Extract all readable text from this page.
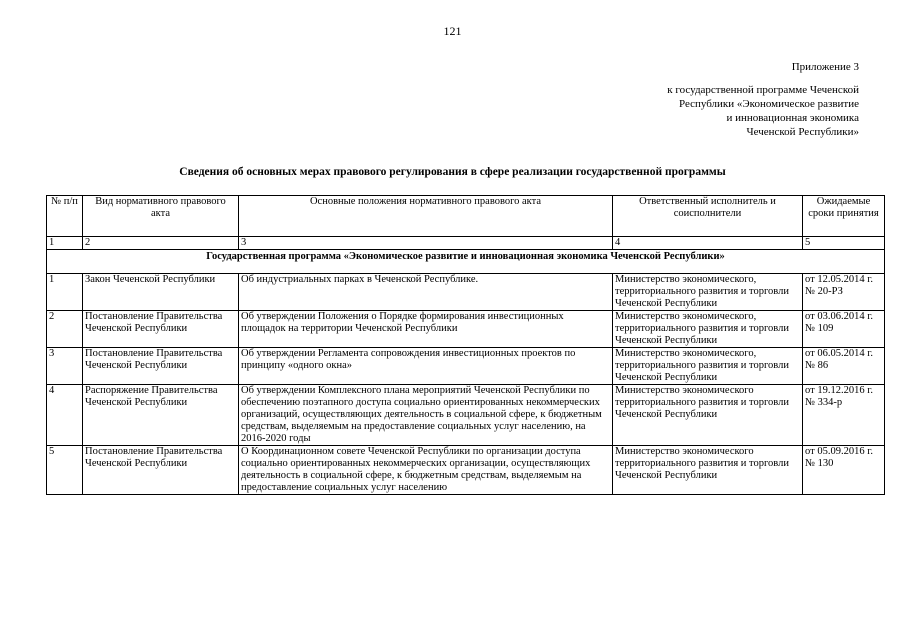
121
Приложение 3
к государственной программе Чеченской
Республики «Экономическое развитие
и инновационная экономика
Чеченской Республики»
Сведения об основных мерах правового регулирования в сфере реализации государственной программы
№ п/п	Вид нормативного правового акта	Основные положения нормативного правового акта	Ответственный исполнитель и соисполнители	Ожидаемые сроки принятия
1	2	3	4	5
Государственная программа «Экономическое развитие и инновационная экономика Чеченской Республики»				
1	Закон Чеченской Республики	Об индустриальных парках в Чеченской Республике.	Министерство экономического, территориального развития и торговли Чеченской Республики	от 12.05.2014 г. № 20-РЗ
2	Постановление Правительства Чеченской Республики	Об утверждении Положения о Порядке формирования инвестиционных площадок на территории Чеченской Республики	Министерство экономического, территориального развития и торговли Чеченской Республики	от 03.06.2014 г. № 109
3	Постановление Правительства Чеченской Республики	Об утверждении Регламента сопровождения инвестиционных проектов по принципу «одного окна»	Министерство экономического, территориального развития и торговли Чеченской Республики	от 06.05.2014 г. № 86
4	Распоряжение Правительства Чеченской Республики	Об утверждении Комплексного плана мероприятий Чеченской Республики по обеспечению поэтапного доступа социально ориентированных некоммерческих организаций, осуществляющих деятельность в социальной сфере, к бюджетным средствам, выделяемым на предоставление социальных услуг населению, на 2016-2020 годы	Министерство экономического территориального развития и торговли Чеченской Республики	от 19.12.2016 г. № 334-р
5	Постановление Правительства Чеченской Республики	О Координационном совете Чеченской Республики по организации доступа социально ориентированных некоммерческих организации, осуществляющих деятельность в социальной сфере, к бюджетным средствам, выделяемым на предоставление социальных услуг населению	Министерство экономического территориального развития и торговли Чеченской Республики	от 05.09.2016 г. № 130
